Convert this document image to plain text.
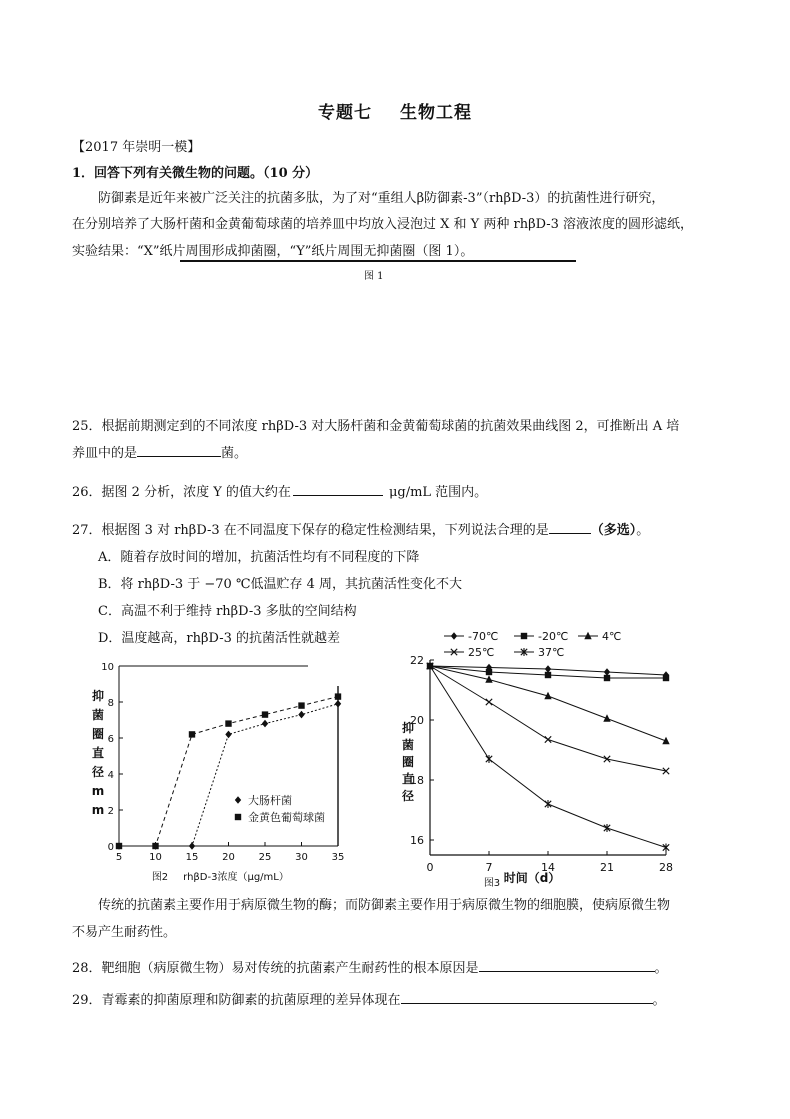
专题七 生物工程
【2017 年崇明一模】
1．回答下列有关微生物的问题。（10 分）
防御素是近年来被广泛关注的抗菌多肽，为了对“重组人β防御素-3”（rhβD-3）的抗菌性进行研究，
在分别培养了大肠杆菌和金黄葡萄球菌的培养皿中均放入浸泡过 X 和 Y 两种 rhβD-3 溶液浓度的圆形滤纸，
实验结果：“X”纸片周围形成抑菌圈，“Y”纸片周围无抑菌圈（图 1）。
图 1
25．根据前期测定到的不同浓度 rhβD-3 对大肠杆菌和金黄葡萄球菌的抗菌效果曲线图 2，可推断出 A 培
养皿中的是	菌。
26．据图 2 分析，浓度 Y 的值大约在	μg/mL 范围内。
27．根据图 3 对 rhβD-3 在不同温度下保存的稳定性检测结果，下列说法合理的是	（多选）。
A．随着存放时间的增加，抗菌活性均有不同程度的下降
B．将 rhβD-3 于 −70 ℃低温贮存 4 周，其抗菌活性变化不大
C．高温不利于维持 rhβD-3 多肽的空间结构
D．温度越高，rhβD-3 的抗菌活性就越差
0
2
4
6
8
10
5	10 15 20 25 30 35
抑
菌
圈
直
径
m
m
图2 rhβD-3浓度（μg/mL）
大肠杆菌
金黄色葡萄球菌
16
18
20
22
0	7	14	21	28
抑
菌
圈
直
径
图3 时间（d）
-70℃	-20℃	4℃
25℃	37℃
传统的抗菌素主要作用于病原微生物的酶；而防御素主要作用于病原微生物的细胞膜，使病原微生物
不易产生耐药性。
28．靶细胞（病原微生物）易对传统的抗菌素产生耐药性的根本原因是	。
29．青霉素的抑菌原理和防御素的抗菌原理的差异体现在	。
